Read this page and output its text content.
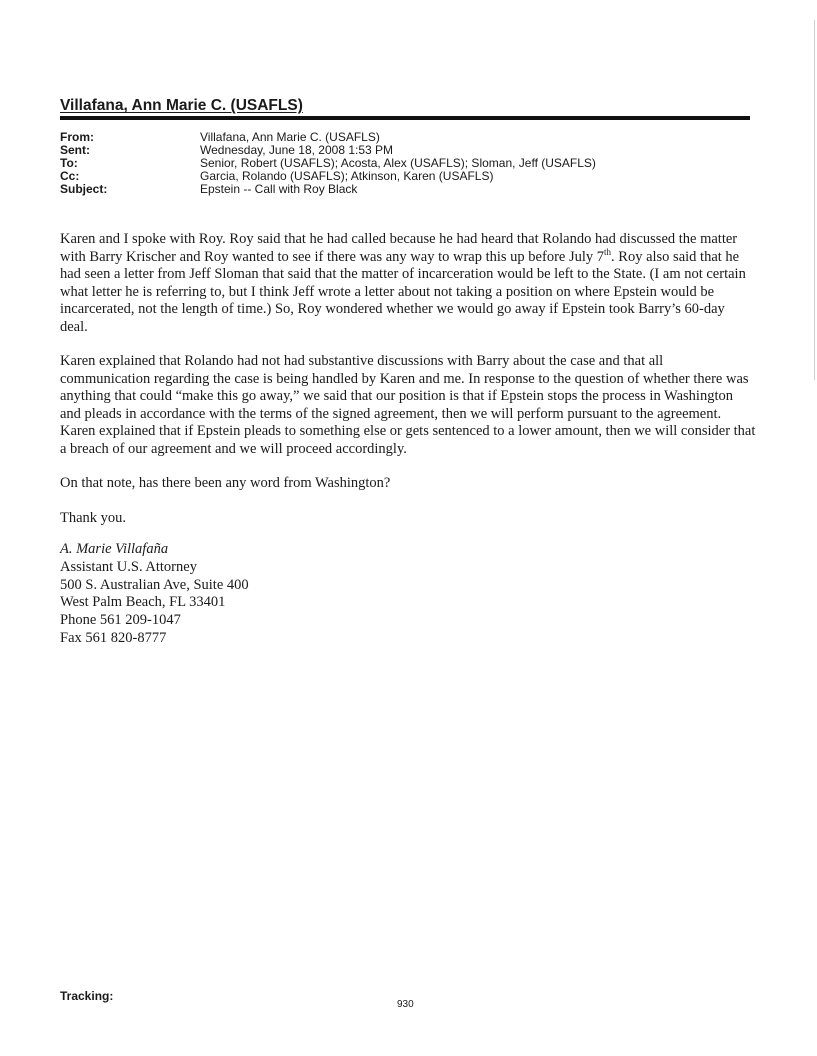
Villafana, Ann Marie C. (USAFLS)
From:	Villafana, Ann Marie C. (USAFLS)
Sent:	Wednesday, June 18, 2008 1:53 PM
To:	Senior, Robert (USAFLS); Acosta, Alex (USAFLS); Sloman, Jeff (USAFLS)
Cc:	Garcia, Rolando (USAFLS); Atkinson, Karen (USAFLS)
Subject:	Epstein -- Call with Roy Black

Karen and I spoke with Roy. Roy said that he had called because he had heard that Rolando had discussed the matter with Barry Krischer and Roy wanted to see if there was any way to wrap this up before July 7th. Roy also said that he had seen a letter from Jeff Sloman that said that the matter of incarceration would be left to the State. (I am not certain what letter he is referring to, but I think Jeff wrote a letter about not taking a position on where Epstein would be incarcerated, not the length of time.) So, Roy wondered whether we would go away if Epstein took Barry’s 60-day deal.

Karen explained that Rolando had not had substantive discussions with Barry about the case and that all communication regarding the case is being handled by Karen and me. In response to the question of whether there was anything that could “make this go away,” we said that our position is that if Epstein stops the process in Washington and pleads in accordance with the terms of the signed agreement, then we will perform pursuant to the agreement. Karen explained that if Epstein pleads to something else or gets sentenced to a lower amount, then we will consider that a breach of our agreement and we will proceed accordingly.

On that note, has there been any word from Washington?

Thank you.

A. Marie Villafaña
Assistant U.S. Attorney
500 S. Australian Ave, Suite 400
West Palm Beach, FL 33401
Phone 561 209-1047
Fax 561 820-8777
Tracking:
930
